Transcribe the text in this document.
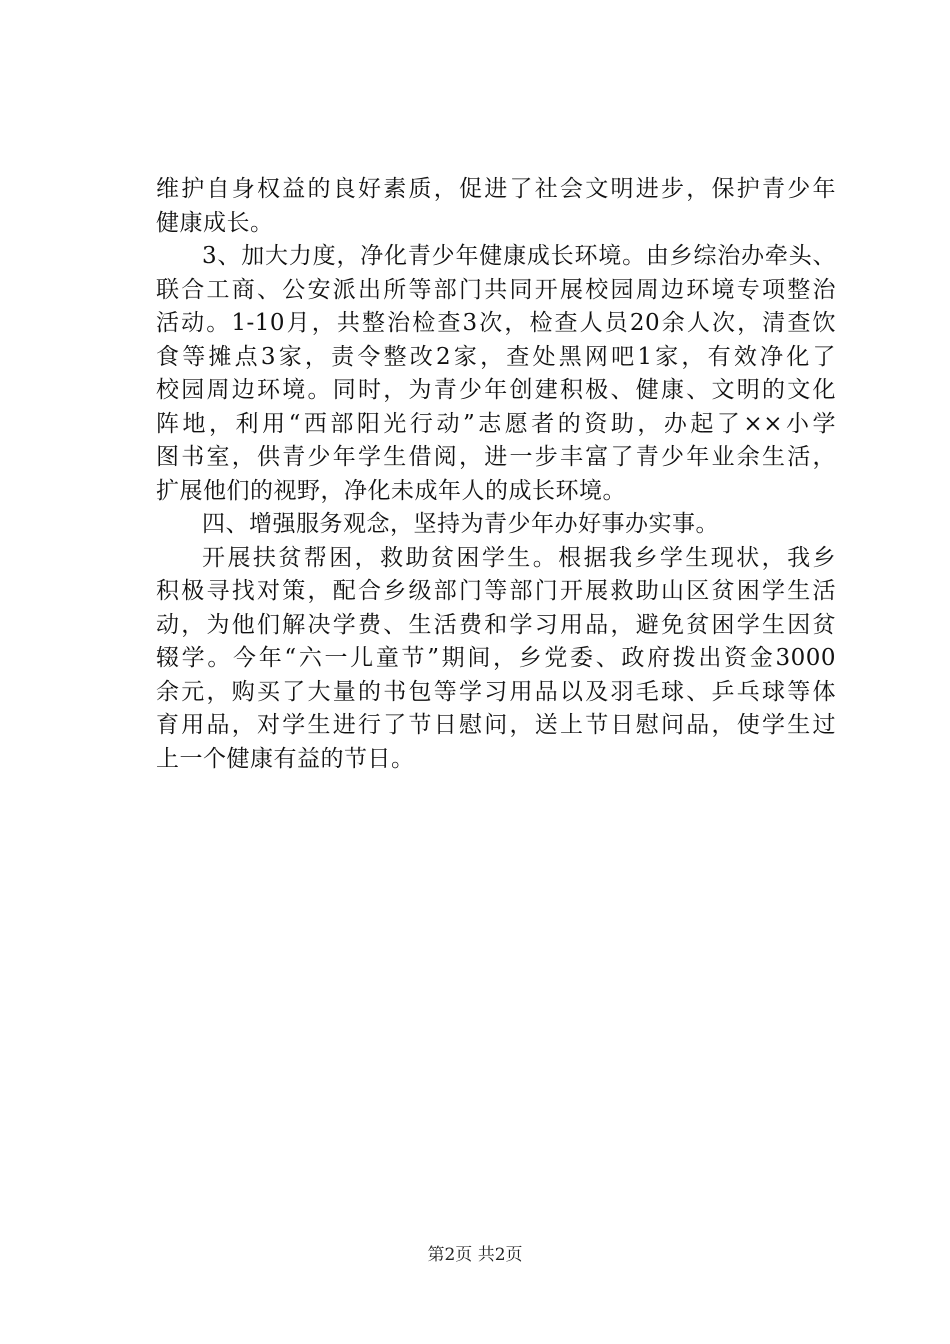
维护自身权益的良好素质，促进了社会文明进步，保护青少年
健康成长。
3、加大力度，净化青少年健康成长环境。由乡综治办牵头、
联合工商、公安派出所等部门共同开展校园周边环境专项整治
活动。1-10月，共整治检查3次，检查人员20余人次，清查饮
食等摊点3家，责令整改2家，查处黑网吧1家，有效净化了
校园周边环境。同时，为青少年创建积极、健康、文明的文化
阵地，利用“西部阳光行动”志愿者的资助，办起了××小学
图书室，供青少年学生借阅，进一步丰富了青少年业余生活，
扩展他们的视野，净化未成年人的成长环境。
四、增强服务观念，坚持为青少年办好事办实事。
开展扶贫帮困，救助贫困学生。根据我乡学生现状，我乡
积极寻找对策，配合乡级部门等部门开展救助山区贫困学生活
动，为他们解决学费、生活费和学习用品，避免贫困学生因贫
辍学。今年“六一儿童节”期间，乡党委、政府拨出资金3000
余元，购买了大量的书包等学习用品以及羽毛球、乒乓球等体
育用品，对学生进行了节日慰问，送上节日慰问品，使学生过
上一个健康有益的节日。
第2页 共2页
